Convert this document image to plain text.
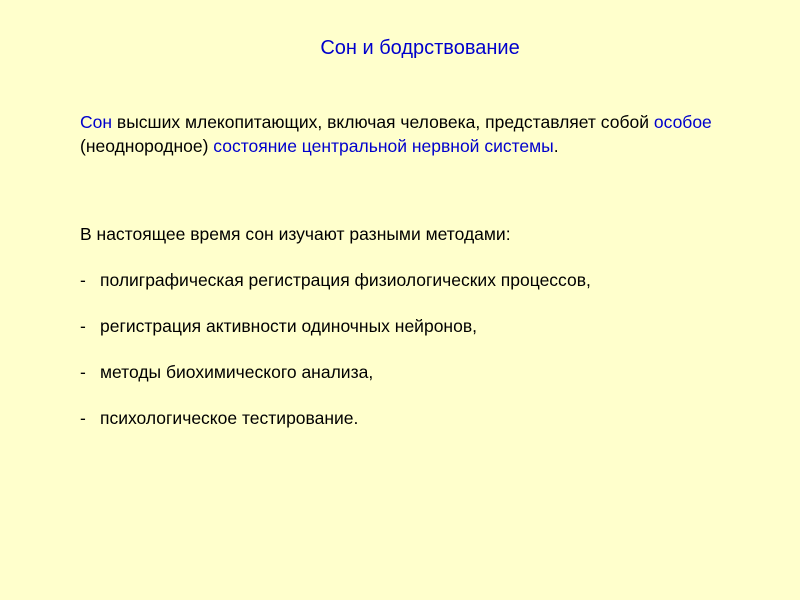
Сон и бодрствование

Сон высших млекопитающих, включая человека, представляет собой особое (неоднородное) состояние центральной нервной системы.

В настоящее время сон изучают разными методами:

- полиграфическая регистрация физиологических процессов,
- регистрация активности одиночных нейронов,
- методы биохимического анализа,
- психологическое тестирование.
